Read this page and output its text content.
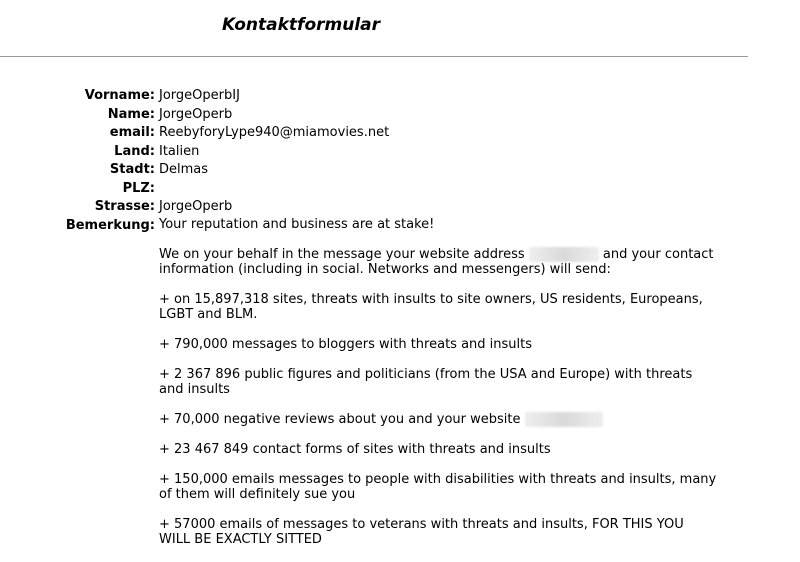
Kontaktformular
Vorname: JorgeOperbIJ
Name: JorgeOperb
email: ReebyforyLype940@miamovies.net
Land: Italien
Stadt: Delmas
PLZ:
Strasse: JorgeOperb
Bemerkung: Your reputation and business are at stake!

We on your behalf in the message your website address	and your contact information (including in social. Networks and messengers) will send:

+ on 15,897,318 sites, threats with insults to site owners, US residents, Europeans, LGBT and BLM.

+ 790,000 messages to bloggers with threats and insults

+ 2 367 896 public figures and politicians (from the USA and Europe) with threats and insults

+ 70,000 negative reviews about you and your website

+ 23 467 849 contact forms of sites with threats and insults

+ 150,000 emails messages to people with disabilities with threats and insults, many of them will definitely sue you

+ 57000 emails of messages to veterans with threats and insults, FOR THIS YOU WILL BE EXACTLY SITTED
